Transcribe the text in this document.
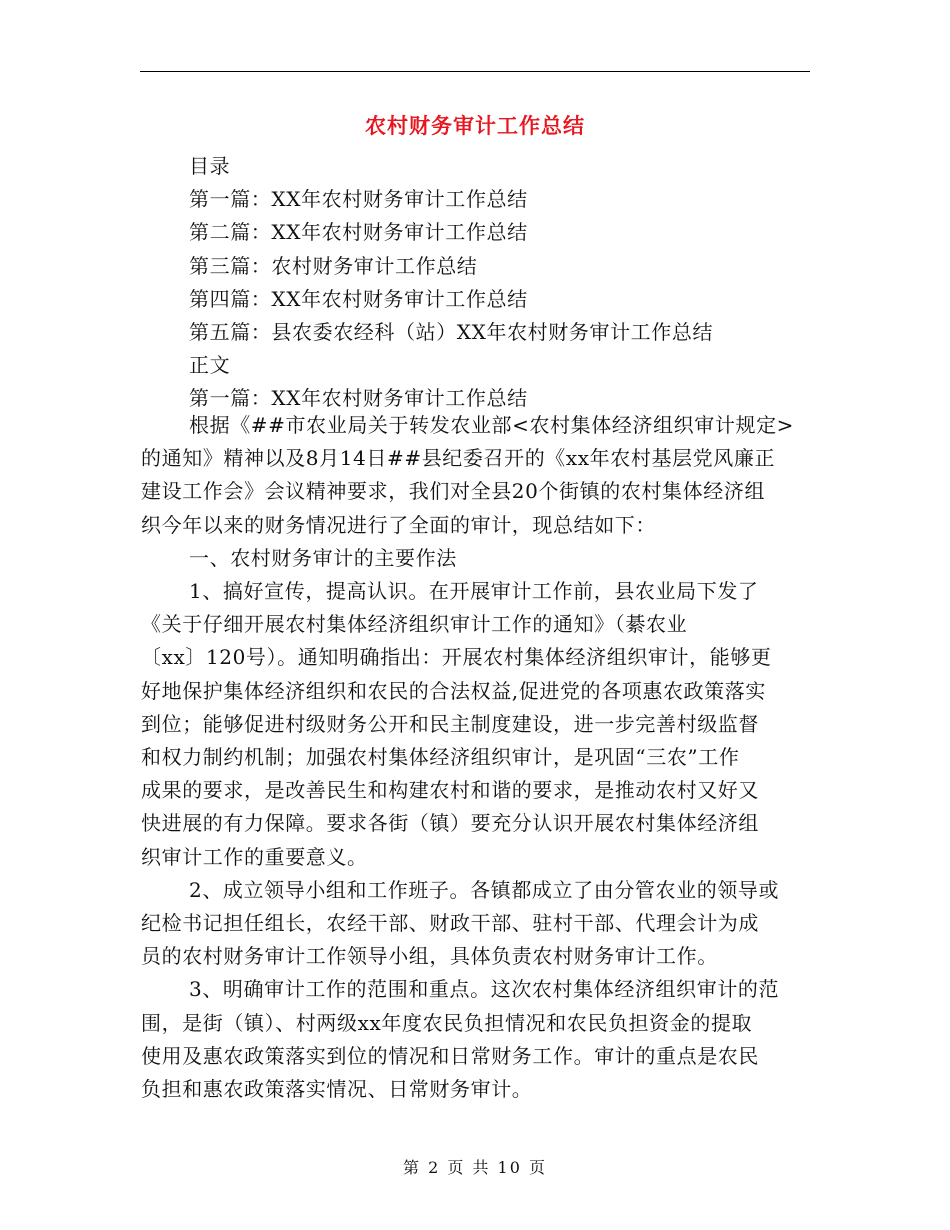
农村财务审计工作总结
目录
第一篇：XX年农村财务审计工作总结
第二篇：XX年农村财务审计工作总结
第三篇：农村财务审计工作总结
第四篇：XX年农村财务审计工作总结
第五篇：县农委农经科（站）XX年农村财务审计工作总结
正文
第一篇：XX年农村财务审计工作总结
根据《##市农业局关于转发农业部<农村集体经济组织审计规定>
的通知》精神以及8月14日##县纪委召开的《xx年农村基层党风廉正
建设工作会》会议精神要求，我们对全县20个街镇的农村集体经济组
织今年以来的财务情况进行了全面的审计，现总结如下：
一、农村财务审计的主要作法
1、搞好宣传，提高认识。在开展审计工作前，县农业局下发了
《关于仔细开展农村集体经济组织审计工作的通知》（綦农业
〔xx〕120号）。通知明确指出：开展农村集体经济组织审计，能够更
好地保护集体经济组织和农民的合法权益,促进党的各项惠农政策落实
到位；能够促进村级财务公开和民主制度建设，进一步完善村级监督
和权力制约机制；加强农村集体经济组织审计，是巩固“三农”工作
成果的要求，是改善民生和构建农村和谐的要求，是推动农村又好又
快进展的有力保障。要求各街（镇）要充分认识开展农村集体经济组
织审计工作的重要意义。
2、成立领导小组和工作班子。各镇都成立了由分管农业的领导或
纪检书记担任组长，农经干部、财政干部、驻村干部、代理会计为成
员的农村财务审计工作领导小组，具体负责农村财务审计工作。
3、明确审计工作的范围和重点。这次农村集体经济组织审计的范
围，是街（镇）、村两级xx年度农民负担情况和农民负担资金的提取
使用及惠农政策落实到位的情况和日常财务工作。审计的重点是农民
负担和惠农政策落实情况、日常财务审计。
第 2 页 共 10 页
